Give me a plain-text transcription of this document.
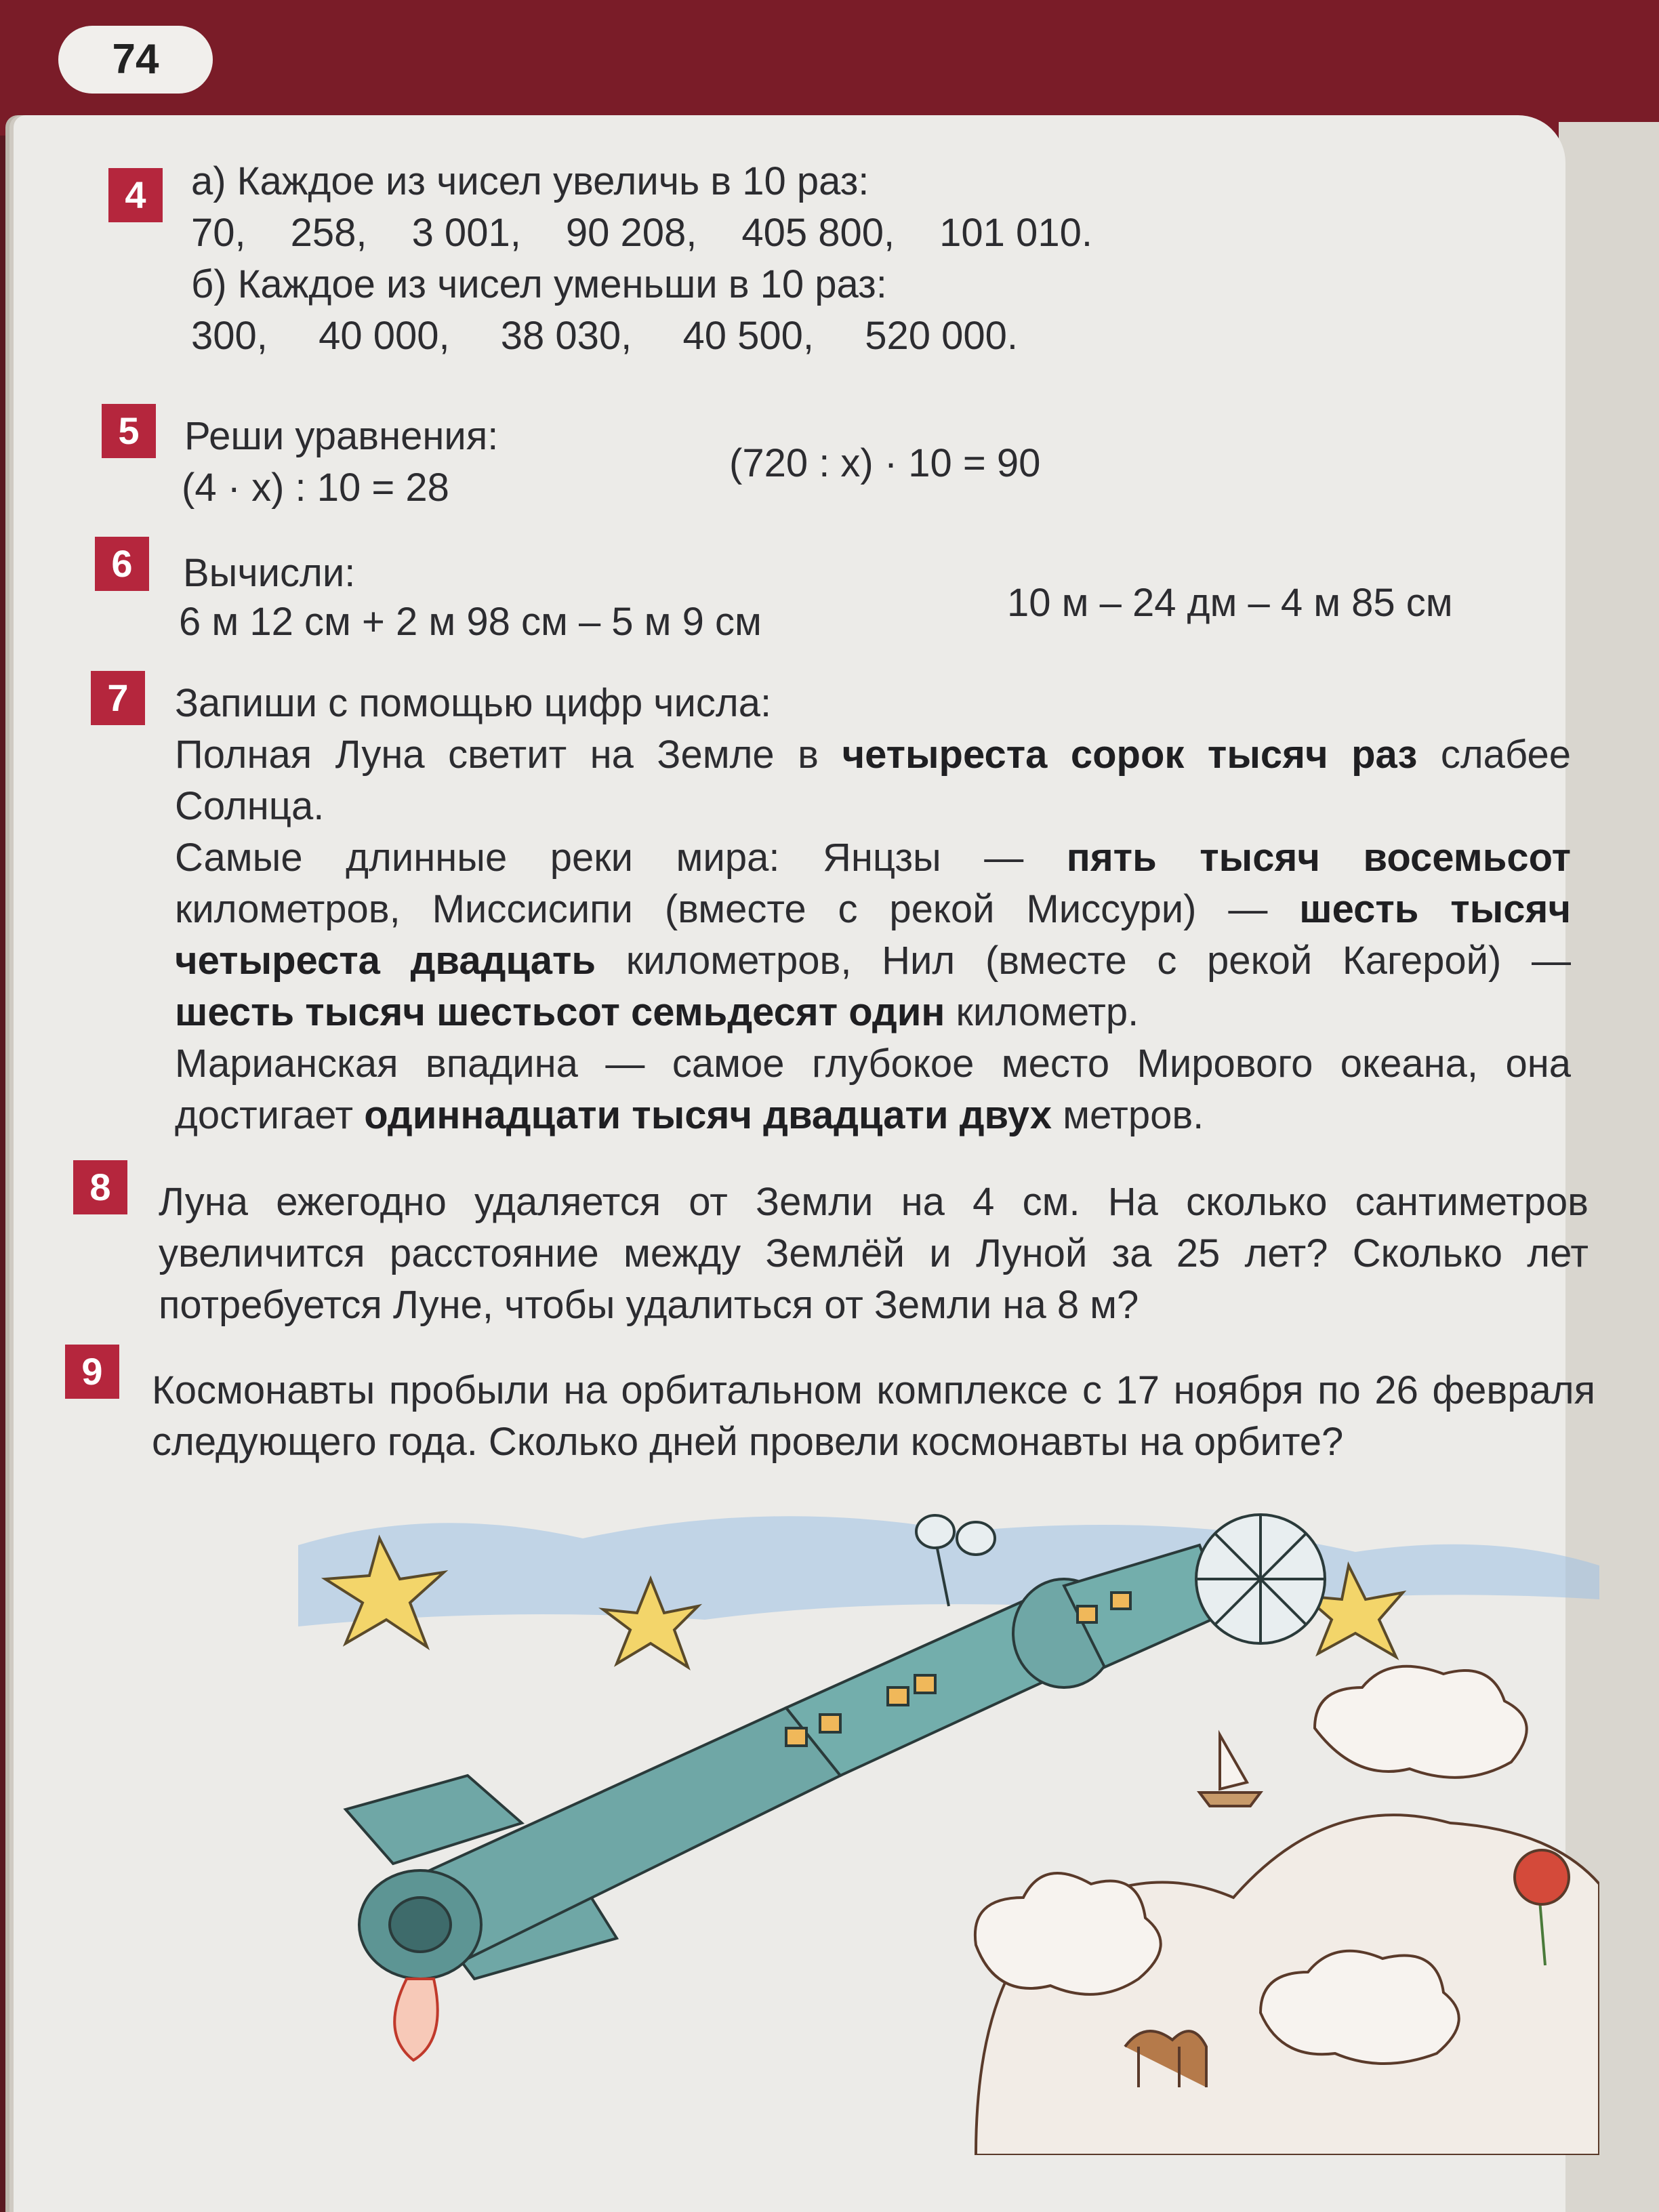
74
4	а) Каждое из чисел увеличь в 10 раз:
70, 258, 3 001, 90 208, 405 800, 101 010.
б) Каждое из чисел уменьши в 10 раз:
300, 40 000, 38 030, 40 500, 520 000.
5	Реши уравнения:
(4 · x) : 10 = 28
(720 : x) · 10 = 90
6	Вычисли:
6 м 12 см + 2 м 98 см – 5 м 9 см	10 м – 24 дм – 4 м 85 см
7	Запиши с помощью цифр числа:
Полная Луна светит на Земле в четыреста сорок тысяч раз слабее
Солнца.
Самые длинные реки мира: Янцзы — пять тысяч восемьсот
километров, Миссисипи (вместе с рекой Миссури) — шесть тысяч
четыреста двадцать километров, Нил (вместе с рекой Кагерой) —
шесть тысяч шестьсот семьдесят один километр.
Марианская впадина — самое глубокое место Мирового океана, она
достигает одиннадцати тысяч двадцати двух метров.
8	Луна ежегодно удаляется от Земли на 4 см. На сколько сантиметров увеличится расстояние между Землёй и Луной за 25 лет? Сколько лет потребуется Луне, чтобы удалиться от Земли на 8 м?
9	Космонавты пробыли на орбитальном комплексе с 17 ноября по 26 февраля следующего года. Сколько дней провели космонавты на орбите?
